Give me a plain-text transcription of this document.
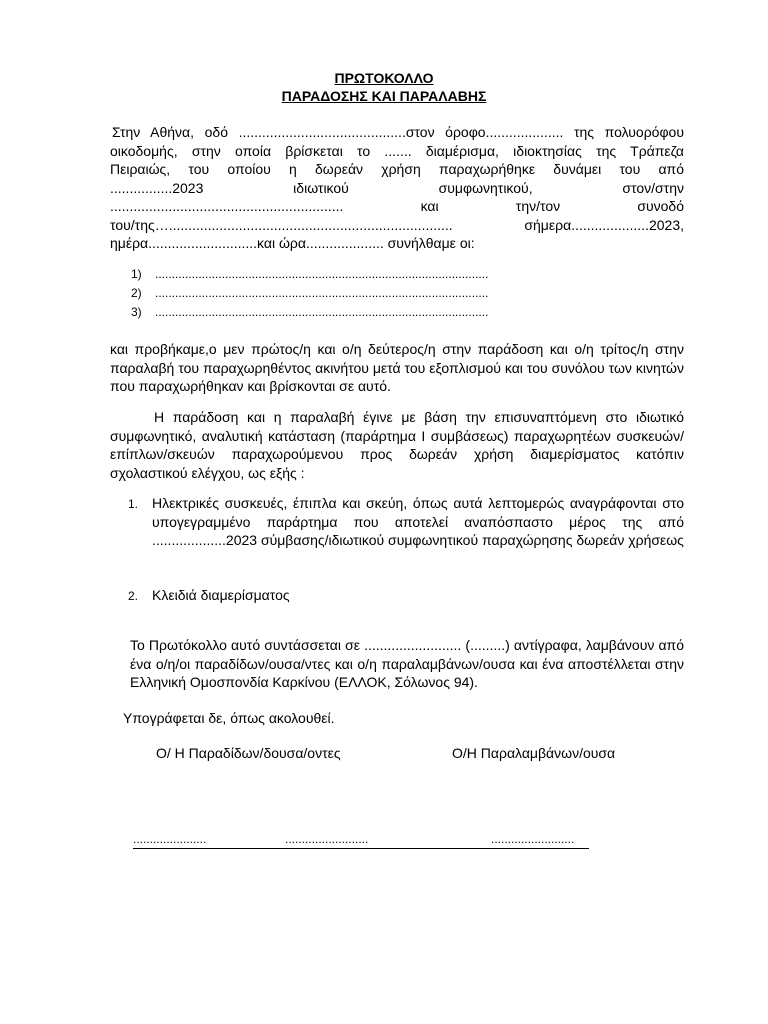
ΠΡΩΤΟΚΟΛΛΟ
ΠΑΡΑΔΟΣΗΣ ΚΑΙ ΠΑΡΑΛΑΒΗΣ
Στην Αθήνα, οδό ...........................................στον όροφο.................... της πολυορόφου
οικοδομής, στην οποία βρίσκεται το ....... διαμέρισμα, ιδιοκτησίας της Τράπεζα
Πειραιώς, του οποίου η δωρεάν χρήση παραχωρήθηκε δυνάμει του από
................2023 ιδιωτικού συμφωνητικού, στον/στην
............................................................ και την/τον συνοδό
του/της…......................................................................... σήμερα....................2023,
ημέρα............................και ώρα.................... συνήλθαμε οι:
1)	....................................................................................................
2)	....................................................................................................
3)	....................................................................................................

και προβήκαμε,ο μεν πρώτος/η και ο/η δεύτερος/η στην παράδοση και ο/η τρίτος/η στην παραλαβή του παραχωρηθέντος ακινήτου μετά του εξοπλισμού και του συνόλου των κινητών που παραχωρήθηκαν και βρίσκονται σε αυτό.

Η παράδοση και η παραλαβή έγινε με βάση την επισυναπτόμενη στο ιδιωτικό συμφωνητικό, αναλυτική κατάσταση (παράρτημα Ι συμβάσεως) παραχωρητέων συσκευών/επίπλων/σκευών παραχωρούμενου προς δωρεάν χρήση διαμερίσματος κατόπιν σχολαστικού ελέγχου, ως εξής :

1. Ηλεκτρικές συσκευές, έπιπλα και σκεύη, όπως αυτά λεπτομερώς αναγράφονται στο υπογεγραμμένο παράρτημα που αποτελεί αναπόσπαστο μέρος της από ...................2023 σύμβασης/ιδιωτικού συμφωνητικού παραχώρησης δωρεάν χρήσεως
2. Κλειδιά διαμερίσματος

Το Πρωτόκολλο αυτό συντάσσεται σε ......................... (.........) αντίγραφα, λαμβάνουν από ένα ο/η/οι παραδίδων/ουσα/ντες και ο/η παραλαμβάνων/ουσα και ένα αποστέλλεται στην Ελληνική Ομοσπονδία Καρκίνου (ΕΛΛΟΚ, Σόλωνος 94).

Υπογράφεται δε, όπως ακολουθεί.
Ο/ Η Παραδίδων/δουσα/οντες	Ο/Η Παραλαμβάνων/ουσα
......................	.........................	.........................
